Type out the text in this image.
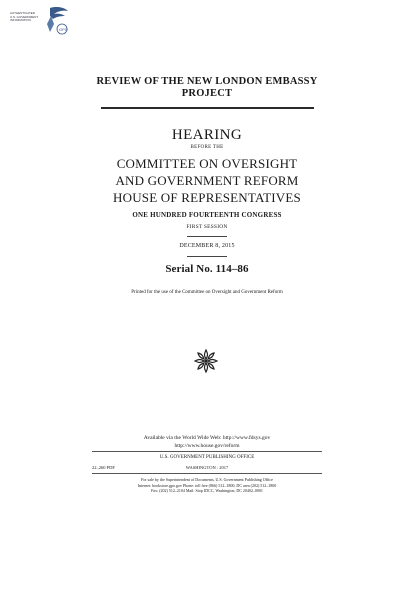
GPO
AUTHENTICATED
U.S. GOVERNMENT
INFORMATION
REVIEW OF THE NEW LONDON EMBASSY
PROJECT
HEARING
BEFORE THE
COMMITTEE ON OVERSIGHT
AND GOVERNMENT REFORM
HOUSE OF REPRESENTATIVES
ONE HUNDRED FOURTEENTH CONGRESS
FIRST SESSION
DECEMBER 8, 2015
Serial No. 114–86
Printed for the use of the Committee on Oversight and Government Reform
Available via the World Wide Web: http://www.fdsys.gov
http://www.house.gov/reform
U.S. GOVERNMENT PUBLISHING OFFICE
22–260 PDF	WASHINGTON : 2017
For sale by the Superintendent of Documents, U.S. Government Publishing Office
Internet: bookstore.gpo.gov Phone: toll free (866) 512–1800; DC area (202) 512–1800
Fax: (202) 512–2104 Mail: Stop IDCC, Washington, DC 20402–0001
